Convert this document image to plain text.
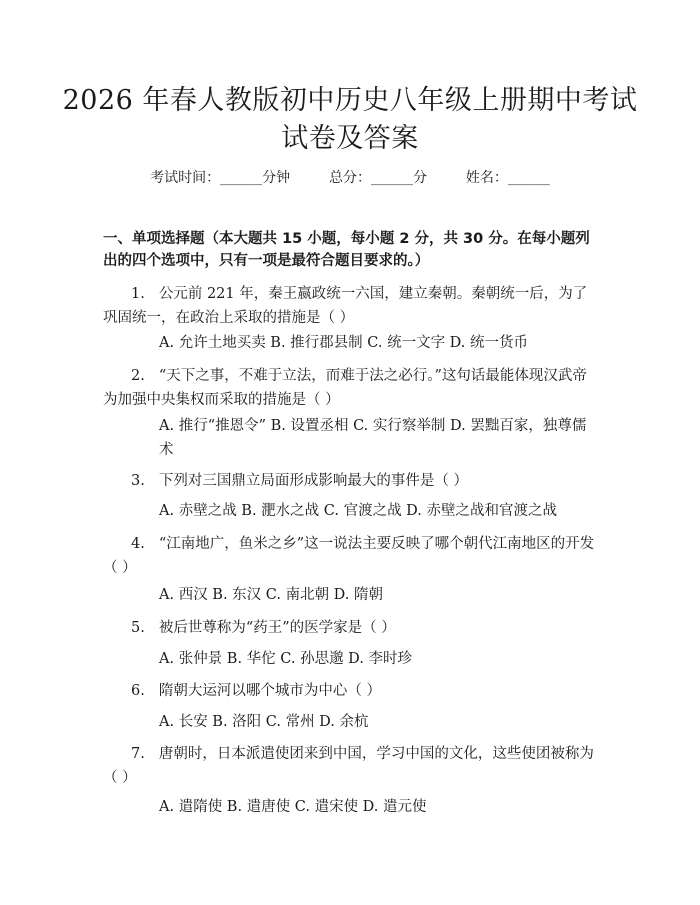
2026 年春人教版初中历史八年级上册期中考试试卷及答案
考试时间：______分钟	总分：______分	姓名：______
一、单项选择题（本大题共 15 小题，每小题 2 分，共 30 分。在每小题列出的四个选项中，只有一项是最符合题目要求的。）
1. 公元前 221 年，秦王嬴政统一六国，建立秦朝。秦朝统一后，为了巩固统一，在政治上采取的措施是（ ）
A. 允许土地买卖 B. 推行郡县制 C. 统一文字 D. 统一货币
2. “天下之事，不难于立法，而难于法之必行。”这句话最能体现汉武帝为加强中央集权而采取的措施是（ ）
A. 推行“推恩令” B. 设置丞相 C. 实行察举制 D. 罢黜百家，独尊儒术
3. 下列对三国鼎立局面形成影响最大的事件是（ ）
A. 赤壁之战 B. 淝水之战 C. 官渡之战 D. 赤壁之战和官渡之战
4. “江南地广，鱼米之乡”这一说法主要反映了哪个朝代江南地区的开发（ ）
A. 西汉 B. 东汉 C. 南北朝 D. 隋朝
5. 被后世尊称为“药王”的医学家是（ ）
A. 张仲景 B. 华佗 C. 孙思邈 D. 李时珍
6. 隋朝大运河以哪个城市为中心（ ）
A. 长安 B. 洛阳 C. 常州 D. 余杭
7. 唐朝时，日本派遣使团来到中国，学习中国的文化，这些使团被称为（ ）
A. 遣隋使 B. 遣唐使 C. 遣宋使 D. 遣元使
